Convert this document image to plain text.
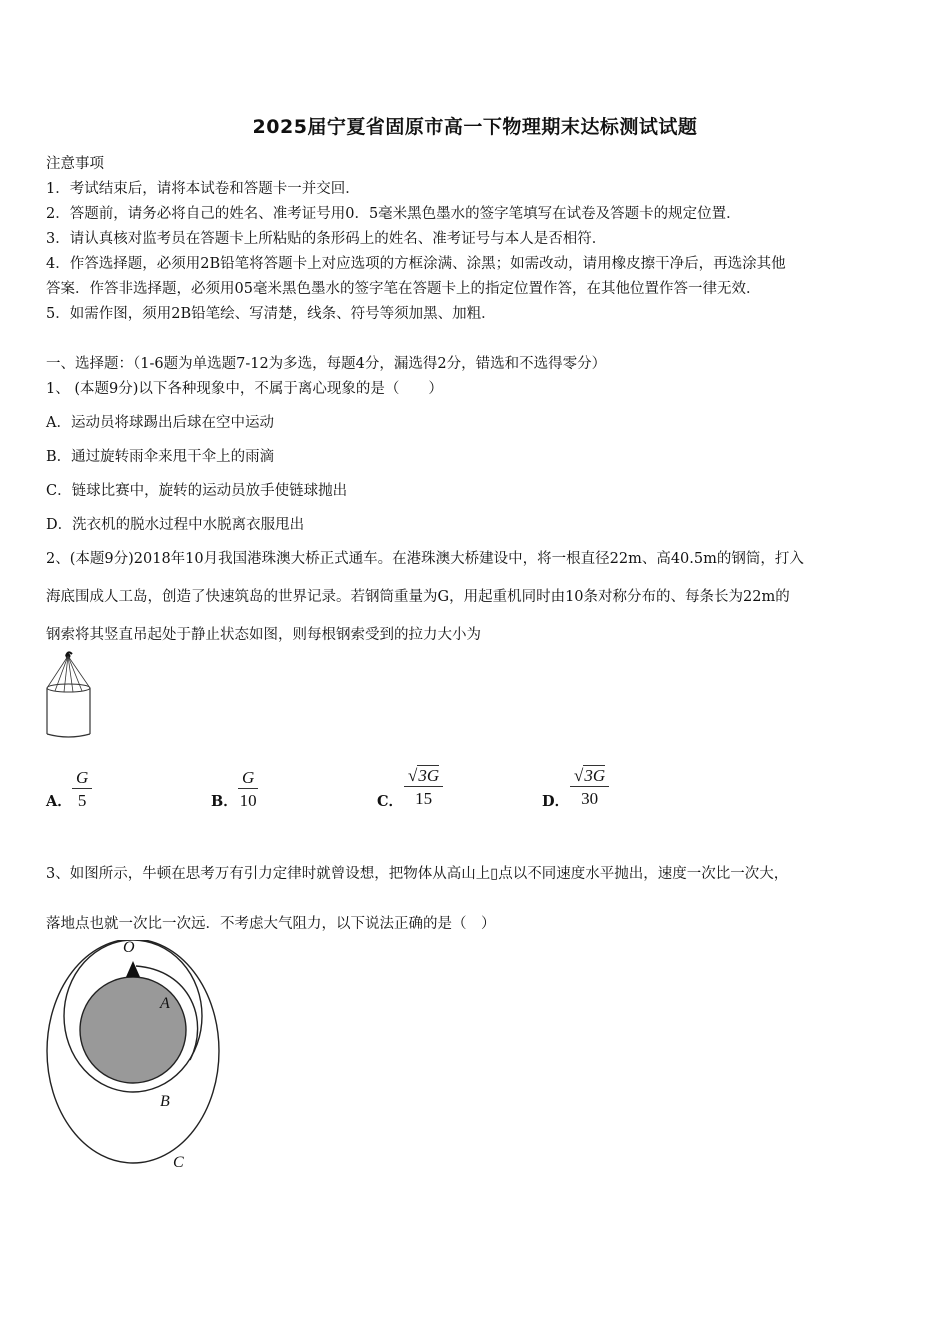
2025届宁夏省固原市高一下物理期末达标测试试题
注意事项
1．考试结束后，请将本试卷和答题卡一并交回．
2．答题前，请务必将自己的姓名、准考证号用0．5毫米黑色墨水的签字笔填写在试卷及答题卡的规定位置．
3．请认真核对监考员在答题卡上所粘贴的条形码上的姓名、准考证号与本人是否相符．
4．作答选择题，必须用2B铅笔将答题卡上对应选项的方框涂满、涂黑；如需改动，请用橡皮擦干净后，再选涂其他
答案．作答非选择题，必须用05毫米黑色墨水的签字笔在答题卡上的指定位置作答，在其他位置作答一律无效．
5．如需作图，须用2B铅笔绘、写清楚，线条、符号等须加黑、加粗．
一、选择题：（1-6题为单选题7-12为多选，每题4分，漏选得2分，错选和不选得零分）
1、 (本题9分)以下各种现象中，不属于离心现象的是（　　）
A．运动员将球踢出后球在空中运动
B．通过旋转雨伞来甩干伞上的雨滴
C．链球比赛中，旋转的运动员放手使链球抛出
D．洗衣机的脱水过程中水脱离衣服甩出
2、(本题9分)2018年10月我国港珠澳大桥正式通车。在港珠澳大桥建设中，将一根直径22m、高40.5m的钢筒，打入
海底围成人工岛，创造了快速筑岛的世界记录。若钢筒重量为G，用起重机同时由10条对称分布的、每条长为22m的
钢索将其竖直吊起处于静止状态如图，则每根钢索受到的拉力大小为
A． $\frac{G}{5}$	B． $\frac{G}{10}$	C． $\frac{√3G}{15}$	D． $\frac{√3G}{30}$
3、如图所示，牛顿在思考万有引力定律时就曾设想，把物体从高山上▯点以不同速度水平抛出，速度一次比一次大，
落地点也就一次比一次远．不考虑大气阻力，以下说法正确的是（　）
O
A
B
C
